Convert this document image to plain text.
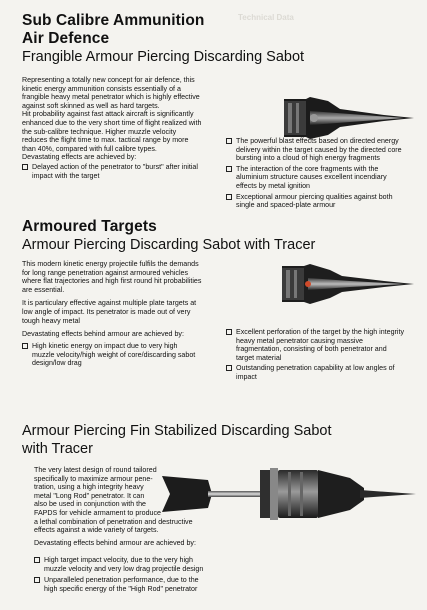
Technical Data
Sub Calibre Ammunition
Air Defence
Frangible Armour Piercing Discarding Sabot

Representing a totally new concept for air defence, this

kinetic energy ammunition consists essentially of a

frangible heavy metal penetrator which is highly effective

against soft skinned as well as hard targets.

Hit probability against fast attack aircraft is significantly

enhanced due to the very short time of flight realized with

the sub-calibre technique. Higher muzzle velocity

reduces the flight time to max. tactical range by more

than 40%, compared with full calibre types.

Devastating effects are achieved by:

Delayed action of the penetrator to "burst" after initial

impact with the target

The powerful blast effects based on directed energy

delivery within the target caused by the directed core

bursting into a cloud of high energy fragments

The interaction of the core fragments with the

aluminium structure causes excellent incendiary

effects by metal ignition

Exceptional armour piercing qualities against both

single and spaced-plate armour

Armoured Targets
Armour Piercing Discarding Sabot with Tracer

This modern kinetic energy projectile fulfils the demands

for long range penetration against armoured vehicles

where flat trajectories and high first round hit probabilities

are essential.

It is particulary effective against multiple plate targets at

low angle of impact. Its penetrator is made out of very

tough heavy metal

Devastating effects behind armour are achieved by:

High kinetic energy on impact due to very high

muzzle velocity/high weight of core/discarding sabot

design/low drag

Excellent perforation of the target by the high integrity

heavy metal penetrator causing massive

fragmentation, consisting of both penetrator and

target material

Outstanding penetration capability at low angles of

impact

Armour Piercing Fin Stabilized Discarding Sabot
with Tracer

The very latest design of round tailored

specifically to maximize armour pene-

tration, using a high integrity heavy

metal "Long Rod" penetrator. It can

also be used in conjunction with the

FAPDS for vehicle armament to produce

a lethal combination of penetration and destructive

effects against a wide variety of targets.

Devastating effects behind armour are achieved by:

High target impact velocity, due to the very high

muzzle velocity and very low drag projectile design

Unparalleled penetration performance, due to the

high specific energy of the "High Rod" penetrator
